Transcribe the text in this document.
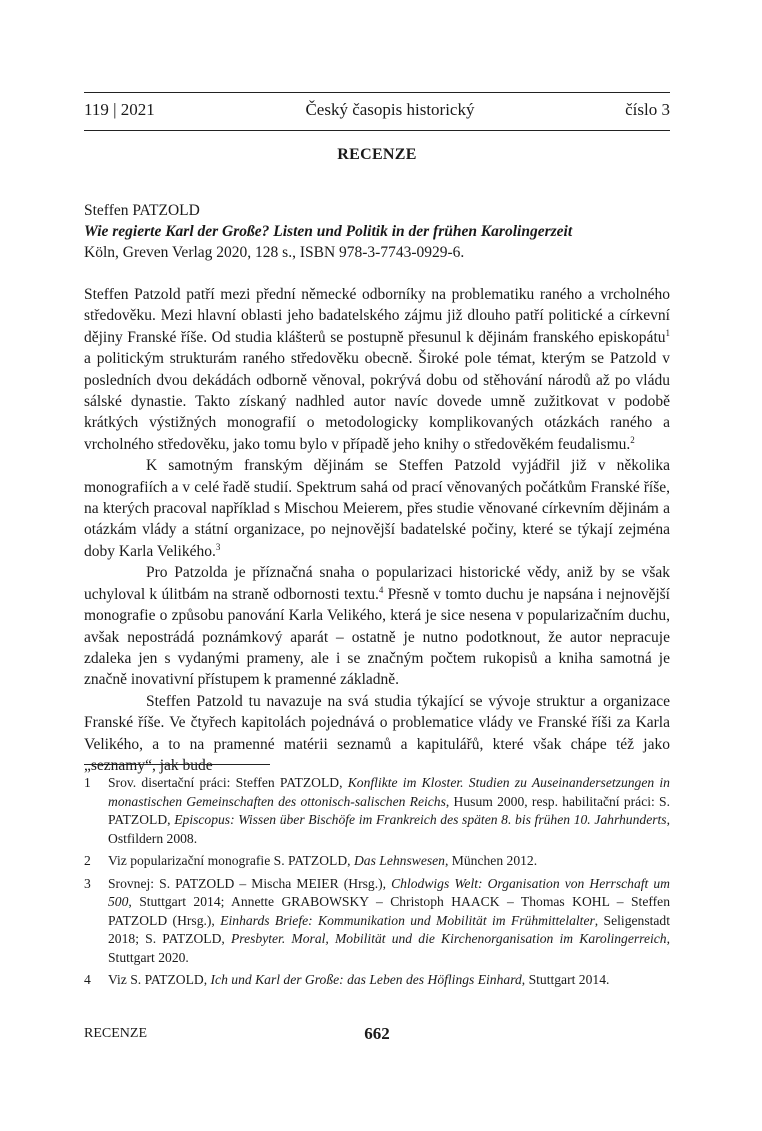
119 | 2021	Český časopis historický	číslo 3
RECENZE
Steffen PATZOLD
Wie regierte Karl der Große? Listen und Politik in der frühen Karolingerzeit
Köln, Greven Verlag 2020, 128 s., ISBN 978-3-7743-0929-6.

Steffen Patzold patří mezi přední německé odborníky na problematiku raného a vrcholného středověku. Mezi hlavní oblasti jeho badatelského zájmu již dlouho patří politické a církevní dějiny Franské říše. Od studia klášterů se postupně přesunul k dějinám franského episkopátu$^1$ a politickým strukturám raného středověku obecně. Široké pole témat, kterým se Patzold v posledních dvou dekádách odborně věnoval, pokrývá dobu od stěhování národů až po vládu sálské dynastie. Takto získaný nadhled autor navíc dovede umně zužitkovat v podobě krátkých výstižných monografií o metodologicky komplikovaných otázkách raného a vrcholného středověku, jako tomu bylo v případě jeho knihy o středověkém feudalismu.$^2$

K samotným franským dějinám se Steffen Patzold vyjádřil již v několika monografiích a v celé řadě studií. Spektrum sahá od prací věnovaných počátkům Franské říše, na kterých pracoval například s Mischou Meierem, přes studie věnované církevním dějinám a otázkám vlády a státní organizace, po nejnovější badatelské počiny, které se týkají zejména doby Karla Velikého.$^3$

Pro Patzolda je příznačná snaha o popularizaci historické vědy, aniž by se však uchyloval k úlitbám na straně odbornosti textu.$^4$ Přesně v tomto duchu je napsána i nejnovější monografie o způsobu panování Karla Velikého, která je sice nesena v popularizačním duchu, avšak nepostrádá poznámkový aparát – ostatně je nutno podotknout, že autor nepracuje zdaleka jen s vydanými prameny, ale i se značným počtem rukopisů a kniha samotná je značně inovativní přístupem k pramenné základně.

Steffen Patzold tu navazuje na svá studia týkající se vývoje struktur a organizace Franské říše. Ve čtyřech kapitolách pojednává o problematice vlády ve Franské říši za Karla Velikého, a to na pramenné matérii seznamů a kapitulářů, které však chápe též jako „seznamy“, jak bude

1	Srov. disertační práci: Steffen PATZOLD, Konflikte im Kloster. Studien zu Auseinandersetzungen in monastischen Gemeinschaften des ottonisch-salischen Reichs, Husum 2000, resp. habilitační práci: S. PATZOLD, Episcopus: Wissen über Bischöfe im Frankreich des späten 8. bis frühen 10. Jahrhunderts, Ostfildern 2008.
2	Viz popularizační monografie S. PATZOLD, Das Lehnswesen, München 2012.
3	Srovnej: S. PATZOLD – Mischa MEIER (Hrsg.), Chlodwigs Welt: Organisation von Herrschaft um 500, Stuttgart 2014; Annette GRABOWSKY – Christoph HAACK – Thomas KOHL – Steffen PATZOLD (Hrsg.), Einhards Briefe: Kommunikation und Mobilität im Frühmittelalter, Seligenstadt 2018; S. PATZOLD, Presbyter. Moral, Mobilität und die Kirchenorganisation im Karolingerreich, Stuttgart 2020.
4	Viz S. PATZOLD, Ich und Karl der Große: das Leben des Höflings Einhard, Stuttgart 2014.
RECENZE	662
